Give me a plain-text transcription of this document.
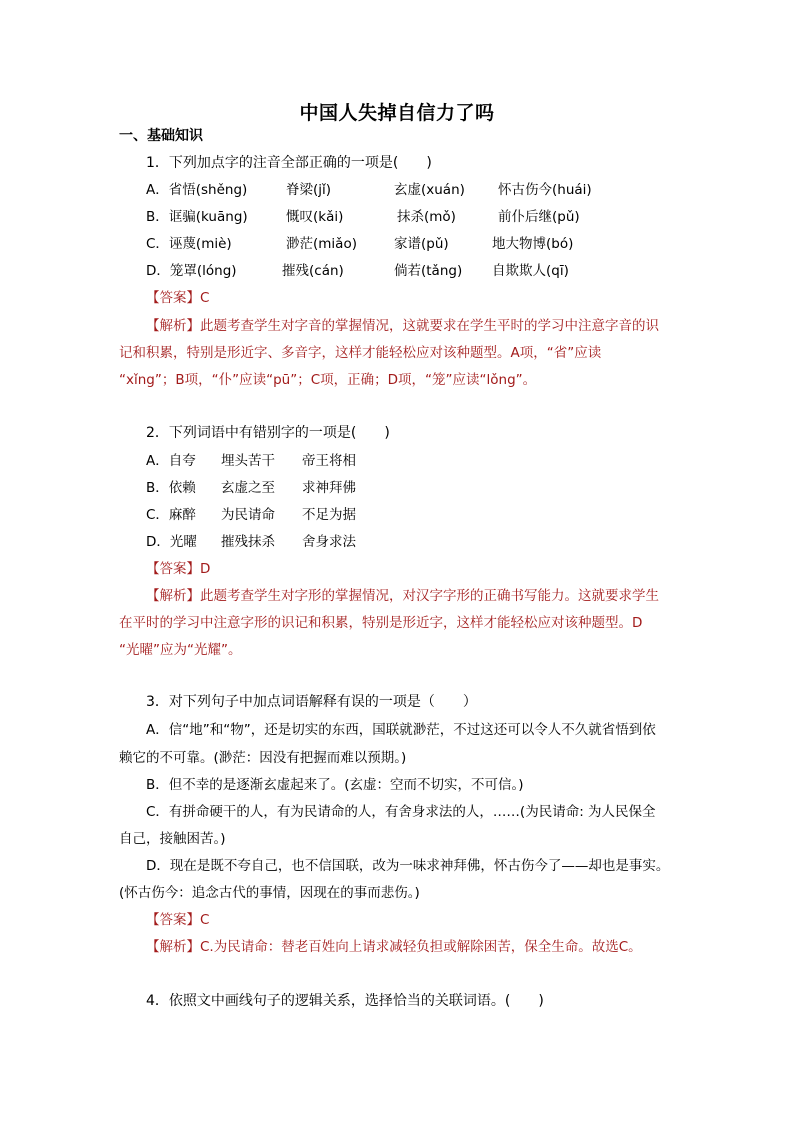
中国人失掉自信力了吗
一、基础知识
1．下列加点字的注音全部正确的一项是(　　)
A．省悟(shěng)	脊梁(jǐ)	玄虚(xuán) 怀古伤今(huái)
B．诓骗(kuāng)	慨叹(kǎi)	抹杀(mǒ)	前仆后继(pǔ)
C．诬蔑(miè)	渺茫(miǎo)	家谱(pǔ)	地大物博(bó)
D．笼罩(lóng)	摧残(cán)	倘若(tǎng) 自欺欺人(qī)
【答案】C
【解析】此题考查学生对字音的掌握情况，这就要求在学生平时的学习中注意字音的识
记和积累，特别是形近字、多音字，这样才能轻松应对该种题型。A项，“省”应读
“xǐng”；B项，“仆”应读“pū”；C项，正确；D项，“笼”应读“lǒng”。
2．下列词语中有错别字的一项是(　　)
A．自夸 埋头苦干 帝王将相
B．依赖 玄虚之至 求神拜佛
C．麻醉 为民请命 不足为据
D．光曜 摧残抹杀 舍身求法
【答案】D
【解析】此题考查学生对字形的掌握情况，对汉字字形的正确书写能力。这就要求学生
在平时的学习中注意字形的识记和积累，特别是形近字，这样才能轻松应对该种题型。D
“光曜”应为“光耀”。
3．对下列句子中加点词语解释有误的一项是（　　）
A．信“地”和“物”，还是切实的东西，国联就渺茫，不过这还可以令人不久就省悟到依
赖它的不可靠。(渺茫：因没有把握而难以预期。)
B．但不幸的是逐渐玄虚起来了。(玄虚：空而不切实，不可信。)
C．有拼命硬干的人，有为民请命的人，有舍身求法的人，……(为民请命: 为人民保全
自己，接触困苦。)
D．现在是既不夸自己，也不信国联，改为一味求神拜佛，怀古伤今了——却也是事实。
(怀古伤今：追念古代的事情，因现在的事而悲伤。)
【答案】C
【解析】C.为民请命：替老百姓向上请求减轻负担或解除困苦，保全生命。故选C。
4．依照文中画线句子的逻辑关系，选择恰当的关联词语。(　　)
